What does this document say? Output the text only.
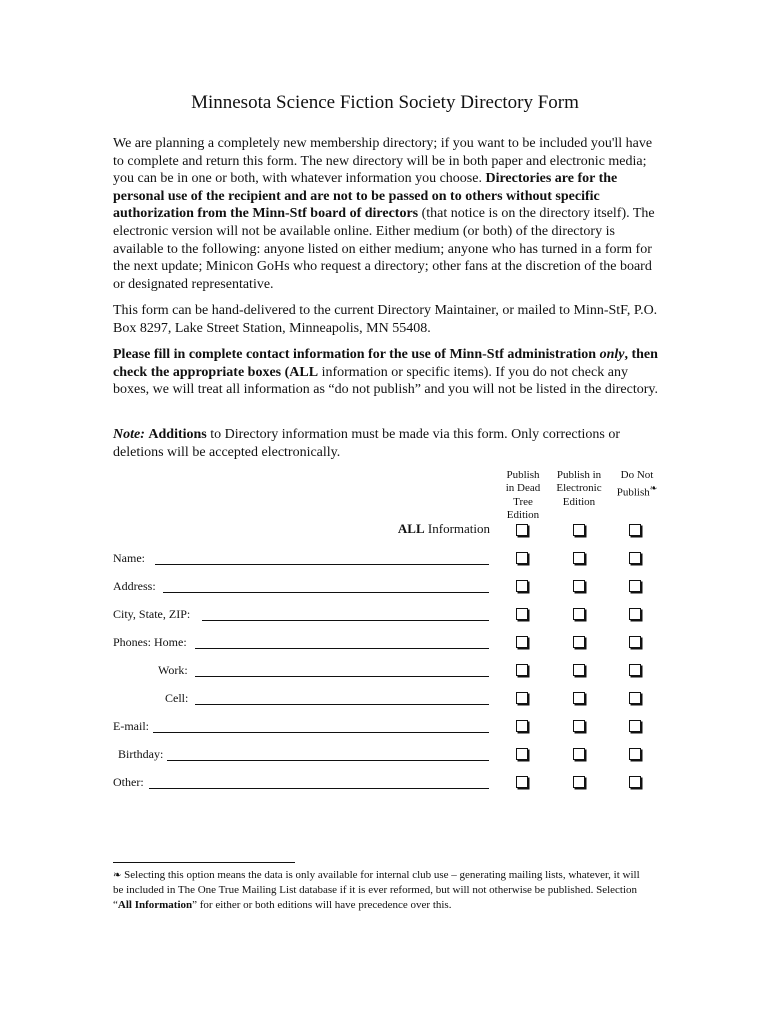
Minnesota Science Fiction Society Directory Form

We are planning a completely new membership directory; if you want to be included you'll have to complete and return this form. The new directory will be in both paper and electronic media; you can be in one or both, with whatever information you choose. Directories are for the personal use of the recipient and are not to be passed on to others without specific authorization from the Minn-Stf board of directors (that notice is on the directory itself). The electronic version will not be available online. Either medium (or both) of the directory is available to the following: anyone listed on either medium; anyone who has turned in a form for the next update; Minicon GoHs who request a directory; other fans at the discretion of the board or designated representative.

This form can be hand-delivered to the current Directory Maintainer, or mailed to Minn-StF, P.O. Box 8297, Lake Street Station, Minneapolis, MN 55408.

Please fill in complete contact information for the use of Minn-Stf administration only, then check the appropriate boxes (ALL information or specific items). If you do not check any boxes, we will treat all information as “do not publish” and you will not be listed in the directory.

Note: Additions to Directory information must be made via this form. Only corrections or deletions will be accepted electronically.

Publish
in Dead
Tree
Edition
Publish in
Electronic
Edition
Do Not
Publish❧
ALL Information
Name:
Address:
City, State, ZIP:
Phones: Home:
Work:
Cell:
E-mail:
Birthday:
Other:
❧ Selecting this option means the data is only available for internal club use – generating mailing lists, whatever, it will be included in The One True Mailing List database if it is ever reformed, but will not otherwise be published. Selection “All Information” for either or both editions will have precedence over this.
